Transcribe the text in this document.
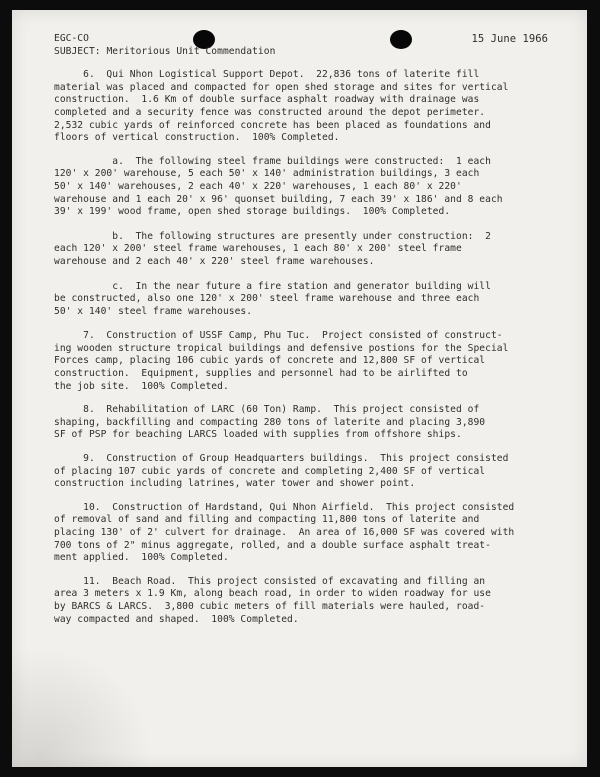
EGC-CO	15 June 1966
SUBJECT: Meritorious Unit Commendation
6.  Qui Nhon Logistical Support Depot.  22,836 tons of laterite fill
material was placed and compacted for open shed storage and sites for vertical
construction.  1.6 Km of double surface asphalt roadway with drainage was
completed and a security fence was constructed around the depot perimeter.
2,532 cubic yards of reinforced concrete has been placed as foundations and
floors of vertical construction.  100% Completed.
a.  The following steel frame buildings were constructed:  1 each
120' x 200' warehouse, 5 each 50' x 140' administration buildings, 3 each
50' x 140' warehouses, 2 each 40' x 220' warehouses, 1 each 80' x 220'
warehouse and 1 each 20' x 96' quonset building, 7 each 39' x 186' and 8 each
39' x 199' wood frame, open shed storage buildings.  100% Completed.
b.  The following structures are presently under construction:  2
each 120' x 200' steel frame warehouses, 1 each 80' x 200' steel frame
warehouse and 2 each 40' x 220' steel frame warehouses.
c.  In the near future a fire station and generator building will
be constructed, also one 120' x 200' steel frame warehouse and three each
50' x 140' steel frame warehouses.
7.  Construction of USSF Camp, Phu Tuc.  Project consisted of construct-
ing wooden structure tropical buildings and defensive postions for the Special
Forces camp, placing 106 cubic yards of concrete and 12,800 SF of vertical
construction.  Equipment, supplies and personnel had to be airlifted to
the job site.  100% Completed.
8.  Rehabilitation of LARC (60 Ton) Ramp.  This project consisted of
shaping, backfilling and compacting 280 tons of laterite and placing 3,890
SF of PSP for beaching LARCS loaded with supplies from offshore ships.
9.  Construction of Group Headquarters buildings.  This project consisted
of placing 107 cubic yards of concrete and completing 2,400 SF of vertical
construction including latrines, water tower and shower point.
10.  Construction of Hardstand, Qui Nhon Airfield.  This project consisted
of removal of sand and filling and compacting 11,800 tons of laterite and
placing 130' of 2' culvert for drainage.  An area of 16,000 SF was covered with
700 tons of 2" minus aggregate, rolled, and a double surface asphalt treat-
ment applied.  100% Completed.
11.  Beach Road.  This project consisted of excavating and filling an
area 3 meters x 1.9 Km, along beach road, in order to widen roadway for use
by BARCS & LARCS.  3,800 cubic meters of fill materials were hauled, road-
way compacted and shaped.  100% Completed.
